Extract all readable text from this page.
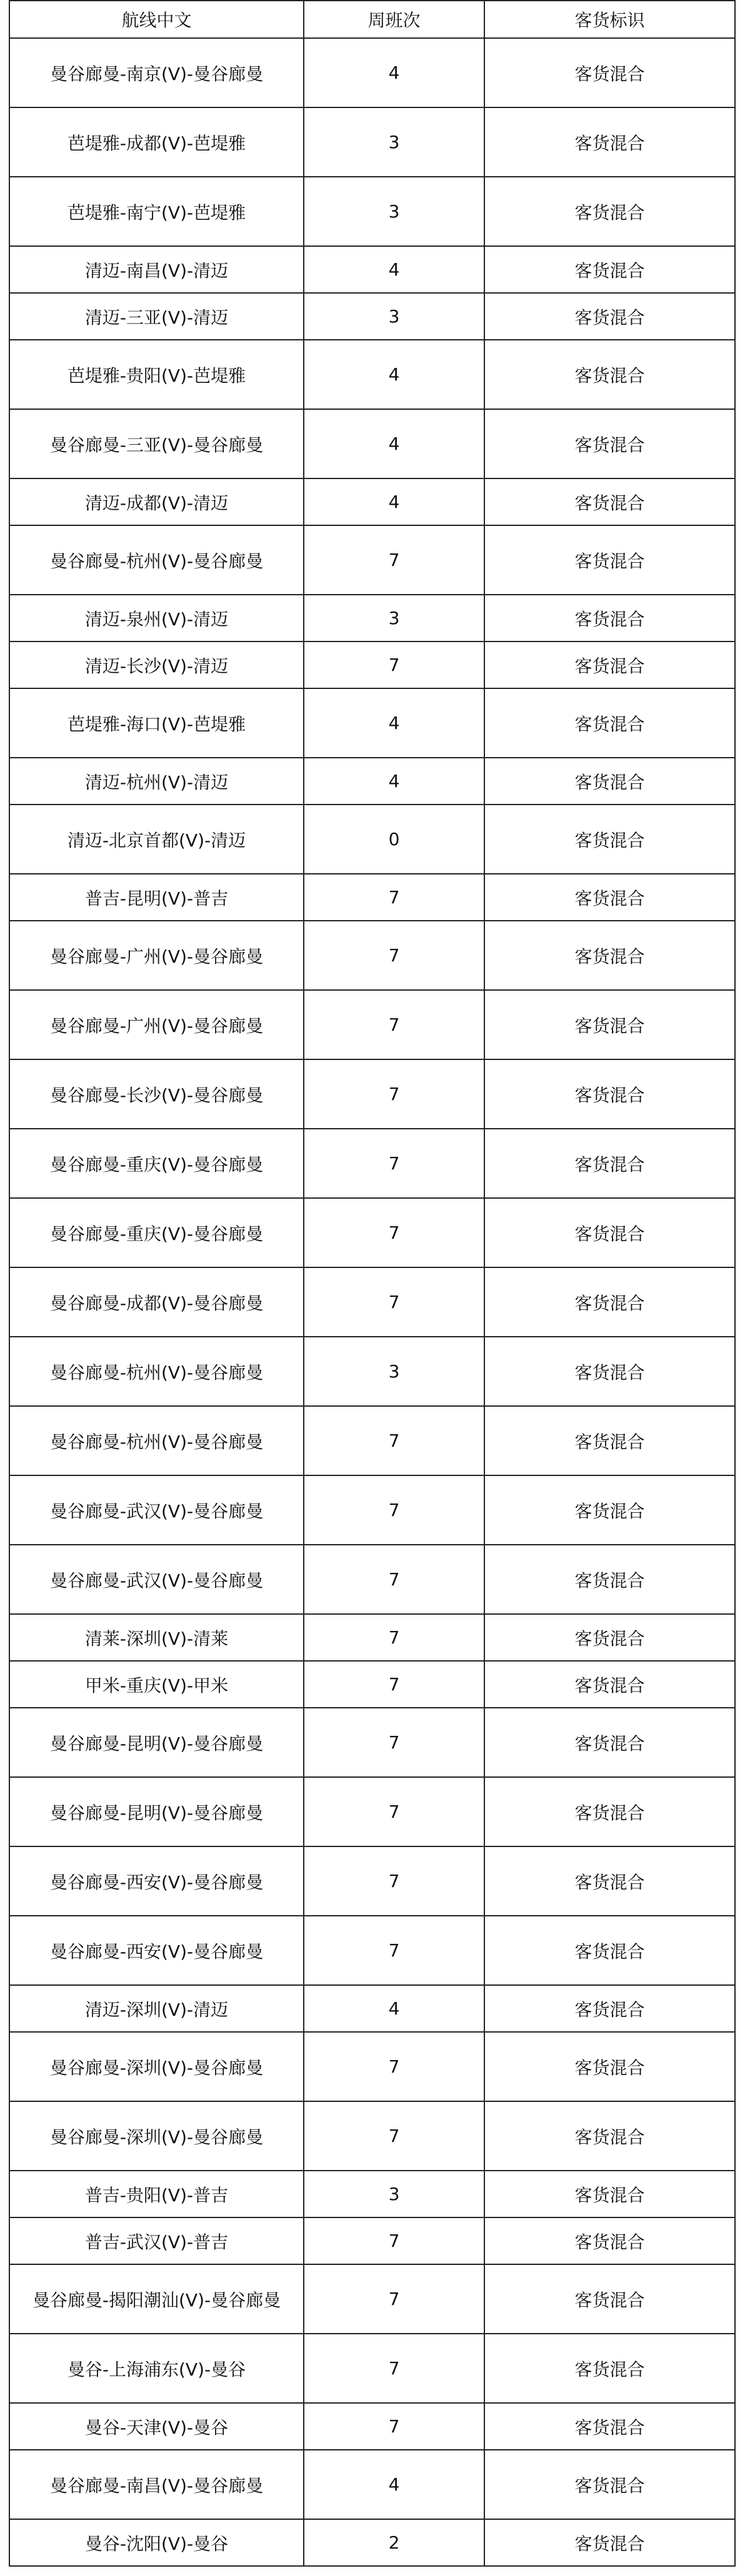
航线中文	周班次	客货标识
曼谷廊曼-南京(V)-曼谷廊曼	4	客货混合
芭堤雅-成都(V)-芭堤雅	3	客货混合
芭堤雅-南宁(V)-芭堤雅	3	客货混合
清迈-南昌(V)-清迈	4	客货混合
清迈-三亚(V)-清迈	3	客货混合
芭堤雅-贵阳(V)-芭堤雅	4	客货混合
曼谷廊曼-三亚(V)-曼谷廊曼	4	客货混合
清迈-成都(V)-清迈	4	客货混合
曼谷廊曼-杭州(V)-曼谷廊曼	7	客货混合
清迈-泉州(V)-清迈	3	客货混合
清迈-长沙(V)-清迈	7	客货混合
芭堤雅-海口(V)-芭堤雅	4	客货混合
清迈-杭州(V)-清迈	4	客货混合
清迈-北京首都(V)-清迈	0	客货混合
普吉-昆明(V)-普吉	7	客货混合
曼谷廊曼-广州(V)-曼谷廊曼	7	客货混合
曼谷廊曼-广州(V)-曼谷廊曼	7	客货混合
曼谷廊曼-长沙(V)-曼谷廊曼	7	客货混合
曼谷廊曼-重庆(V)-曼谷廊曼	7	客货混合
曼谷廊曼-重庆(V)-曼谷廊曼	7	客货混合
曼谷廊曼-成都(V)-曼谷廊曼	7	客货混合
曼谷廊曼-杭州(V)-曼谷廊曼	3	客货混合
曼谷廊曼-杭州(V)-曼谷廊曼	7	客货混合
曼谷廊曼-武汉(V)-曼谷廊曼	7	客货混合
曼谷廊曼-武汉(V)-曼谷廊曼	7	客货混合
清莱-深圳(V)-清莱	7	客货混合
甲米-重庆(V)-甲米	7	客货混合
曼谷廊曼-昆明(V)-曼谷廊曼	7	客货混合
曼谷廊曼-昆明(V)-曼谷廊曼	7	客货混合
曼谷廊曼-西安(V)-曼谷廊曼	7	客货混合
曼谷廊曼-西安(V)-曼谷廊曼	7	客货混合
清迈-深圳(V)-清迈	4	客货混合
曼谷廊曼-深圳(V)-曼谷廊曼	7	客货混合
曼谷廊曼-深圳(V)-曼谷廊曼	7	客货混合
普吉-贵阳(V)-普吉	3	客货混合
普吉-武汉(V)-普吉	7	客货混合
曼谷廊曼-揭阳潮汕(V)-曼谷廊曼	7	客货混合
曼谷-上海浦东(V)-曼谷	7	客货混合
曼谷-天津(V)-曼谷	7	客货混合
曼谷廊曼-南昌(V)-曼谷廊曼	4	客货混合
曼谷-沈阳(V)-曼谷	2	客货混合
